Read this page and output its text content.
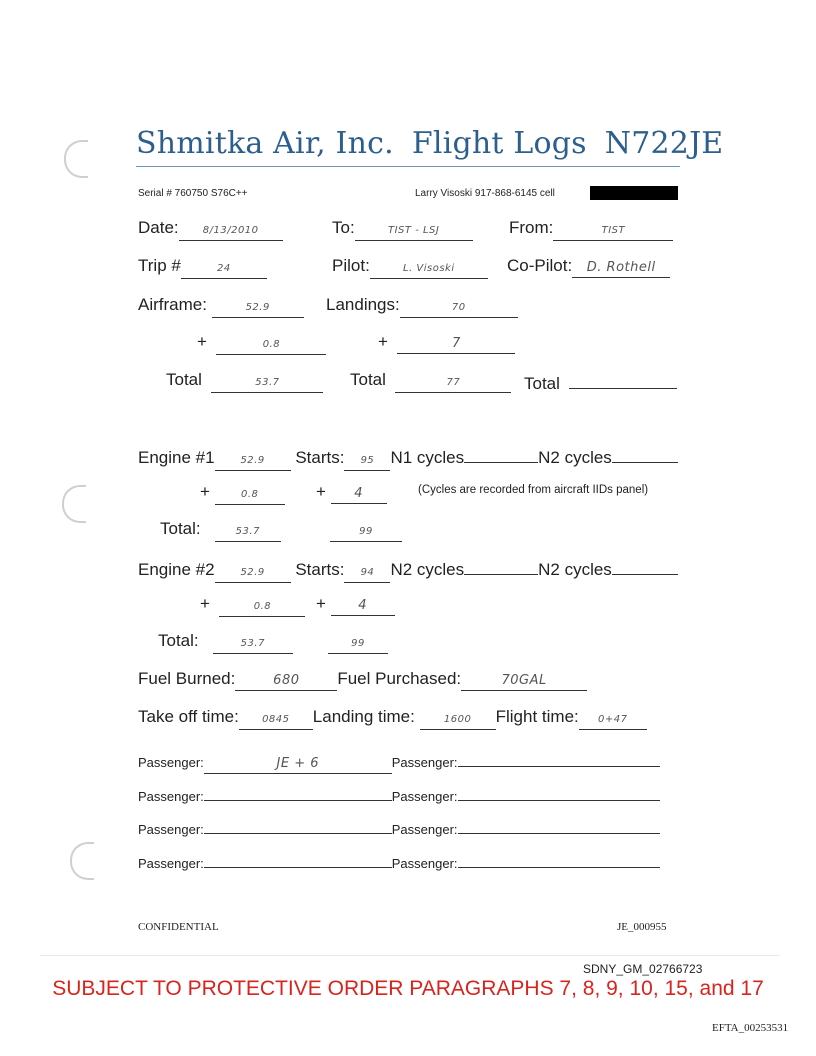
Shmitka Air, Inc. Flight Logs N722JE
Serial # 760750 S76C++	Larry Visoski 917-868-6145 cell
Date: 8/13/2010	To:	TIST - LSJ	From:	TIST
Trip #	24	Pilot:	L. Visoski	Co-Pilot: D. Rothell
Airframe:	52.9	Landings:	70
+	0.8	+	7
Total	53.7	Total	77	Total
Engine #1	52.9 Starts: 95 N1 cycles	N2 cycles
+	0.8	+ 4	(Cycles are recorded from aircraft IIDs panel)
Total:	53.7	99
Engine #2	52.9 Starts: 94 N2 cycles	N2 cycles
+	0.8	+ 4
Total:	53.7	99
Fuel Burned:	680 Fuel Purchased:	70GAL
Take off time: 0845 Landing time:	1600 Flight time: 0+47
Passenger:	JE + 6	Passenger:
Passenger:	Passenger:
Passenger:	Passenger:
Passenger:	Passenger:
CONFIDENTIAL	JE_000955
SDNY_GM_02766723
SUBJECT TO PROTECTIVE ORDER PARAGRAPHS 7, 8, 9, 10, 15, and 17
EFTA_00253531
